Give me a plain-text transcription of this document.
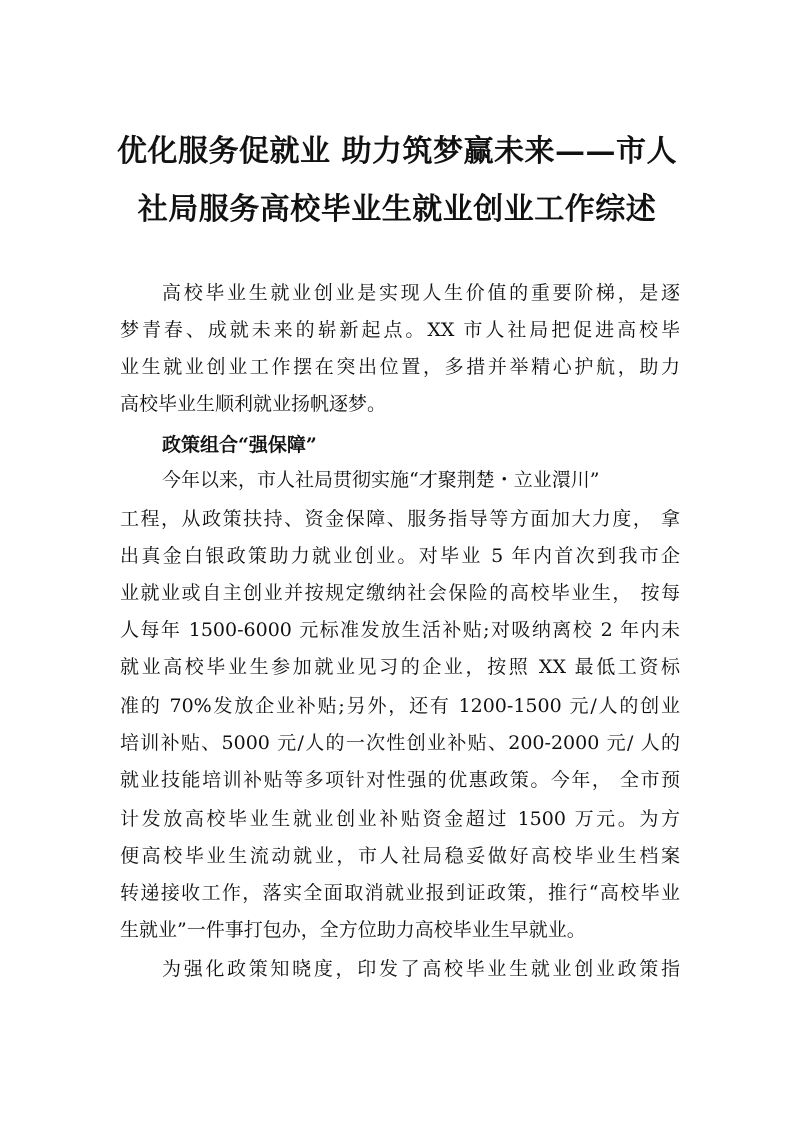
优化服务促就业 助力筑梦赢未来——市人
社局服务高校毕业生就业创业工作综述

高校毕业生就业创业是实现人生价值的重要阶梯，是逐

梦青春、成就未来的崭新起点。XX 市人社局把促进高校毕

业生就业创业工作摆在突出位置，多措并举精心护航，助力

高校毕业生顺利就业扬帆逐梦。

政策组合“强保障”

今年以来，市人社局贯彻实施“才聚荆楚・立业澴川”

工程，从政策扶持、资金保障、服务指导等方面加大力度， 拿

出真金白银政策助力就业创业。对毕业 5 年内首次到我市企

业就业或自主创业并按规定缴纳社会保险的高校毕业生， 按每

人每年 1500-6000 元标准发放生活补贴;对吸纳离校 2 年内未

就业高校毕业生参加就业见习的企业，按照 XX 最低工资标

准的 70%发放企业补贴;另外，还有 1200-1500 元/人的创业

培训补贴、5000 元/人的一次性创业补贴、200-2000 元/ 人的

就业技能培训补贴等多项针对性强的优惠政策。今年， 全市预

计发放高校毕业生就业创业补贴资金超过 1500 万元。为方

便高校毕业生流动就业，市人社局稳妥做好高校毕业生档案

转递接收工作，落实全面取消就业报到证政策，推行“高校毕业

生就业”一件事打包办，全方位助力高校毕业生早就业。

为强化政策知晓度，印发了高校毕业生就业创业政策指
